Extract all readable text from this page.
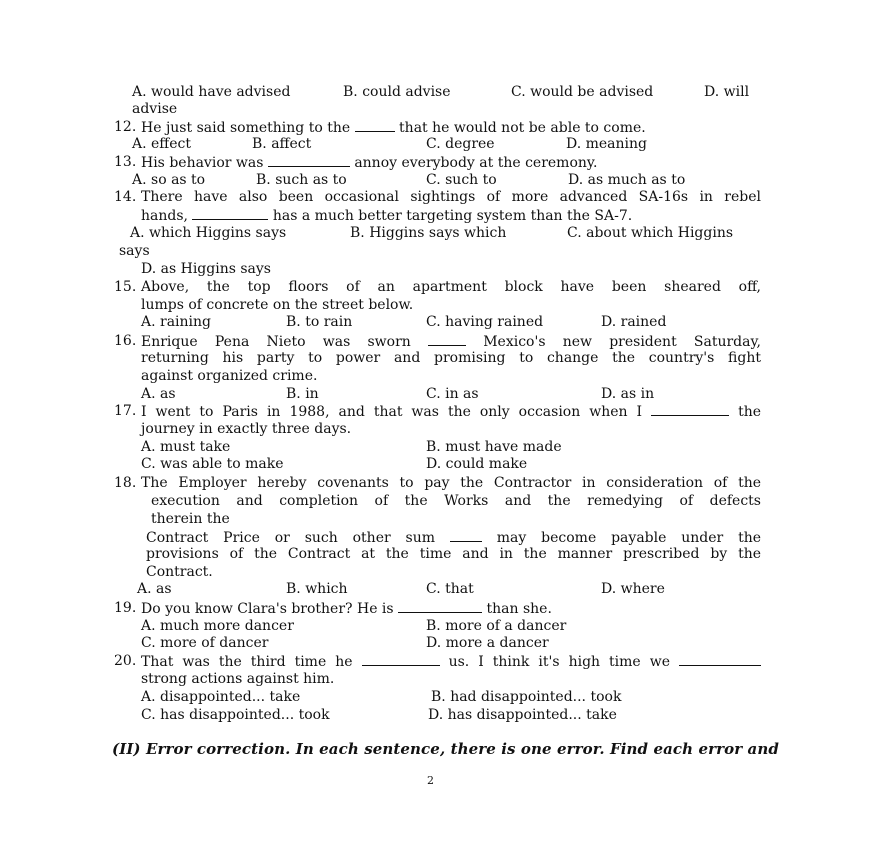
A. would have advised	B. could advise	C. would be advised	D. will
advise
12. He just said something to the	that he would not be able to come.
A. effect	B. affect	C. degree	D. meaning
13. His behavior was	annoy everybody at the ceremony.
A. so as to	B. such as to	C. such to	D. as much as to
14. There have also been occasional sightings of more advanced SA-16s in rebel
hands,	has a much better targeting system than the SA-7.
A. which Higgins says	B. Higgins says which	C. about which Higgins
says
D. as Higgins says
15. Above, the top floors of an apartment block have been sheared off,
lumps of concrete on the street below.
A. raining	B. to rain	C. having rained	D. rained
16. Enrique Pena Nieto was sworn	Mexico's new president Saturday,
returning his party to power and promising to change the country's fight
against organized crime.
A. as	B. in	C. in as	D. as in
17. I went to Paris in 1988, and that was the only occasion when I	the
journey in exactly three days.
A. must take	B. must have made
C. was able to make	D. could make
18. The Employer hereby covenants to pay the Contractor in consideration of the
execution and completion of the Works and the remedying of defects
therein the
Contract Price or such other sum	may become payable under the
provisions of the Contract at the time and in the manner prescribed by the
Contract.
A. as	B. which	C. that	D. where
19. Do you know Clara's brother? He is	than she.
A. much more dancer	B. more of a dancer
C. more of dancer	D. more a dancer
20. That was the third time he	us. I think it's high time we
strong actions against him.
A. disappointed... take	B. had disappointed... took
C. has disappointed... took	D. has disappointed... take
(II) Error correction. In each sentence, there is one error. Find each error and
2
